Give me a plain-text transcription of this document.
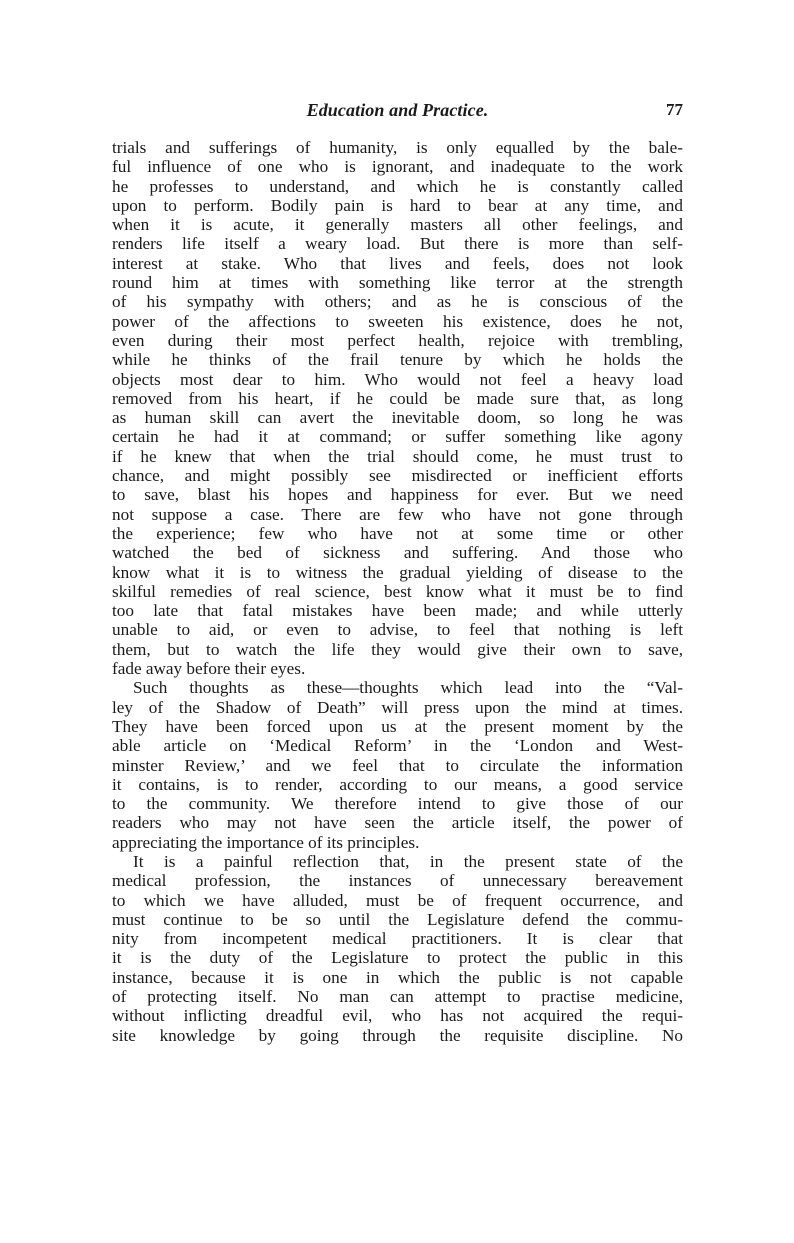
Education and Practice.	77
trials and sufferings of humanity, is only equalled by the bale-
ful influence of one who is ignorant, and inadequate to the work
he professes to understand, and which he is constantly called
upon to perform. Bodily pain is hard to bear at any time, and
when it is acute, it generally masters all other feelings, and
renders life itself a weary load. But there is more than self-
interest at stake. Who that lives and feels, does not look
round him at times with something like terror at the strength
of his sympathy with others; and as he is conscious of the
power of the affections to sweeten his existence, does he not,
even during their most perfect health, rejoice with trembling,
while he thinks of the frail tenure by which he holds the
objects most dear to him. Who would not feel a heavy load
removed from his heart, if he could be made sure that, as long
as human skill can avert the inevitable doom, so long he was
certain he had it at command; or suffer something like agony
if he knew that when the trial should come, he must trust to
chance, and might possibly see misdirected or inefficient efforts
to save, blast his hopes and happiness for ever. But we need
not suppose a case. There are few who have not gone through
the experience; few who have not at some time or other
watched the bed of sickness and suffering. And those who
know what it is to witness the gradual yielding of disease to the
skilful remedies of real science, best know what it must be to find
too late that fatal mistakes have been made; and while utterly
unable to aid, or even to advise, to feel that nothing is left
them, but to watch the life they would give their own to save,
fade away before their eyes.
Such thoughts as these—thoughts which lead into the “Val-
ley of the Shadow of Death” will press upon the mind at times.
They have been forced upon us at the present moment by the
able article on ‘Medical Reform’ in the ‘London and West-
minster Review,’ and we feel that to circulate the information
it contains, is to render, according to our means, a good service
to the community. We therefore intend to give those of our
readers who may not have seen the article itself, the power of
appreciating the importance of its principles.
It is a painful reflection that, in the present state of the
medical profession, the instances of unnecessary bereavement
to which we have alluded, must be of frequent occurrence, and
must continue to be so until the Legislature defend the commu-
nity from incompetent medical practitioners. It is clear that
it is the duty of the Legislature to protect the public in this
instance, because it is one in which the public is not capable
of protecting itself. No man can attempt to practise medicine,
without inflicting dreadful evil, who has not acquired the requi-
site knowledge by going through the requisite discipline. No
